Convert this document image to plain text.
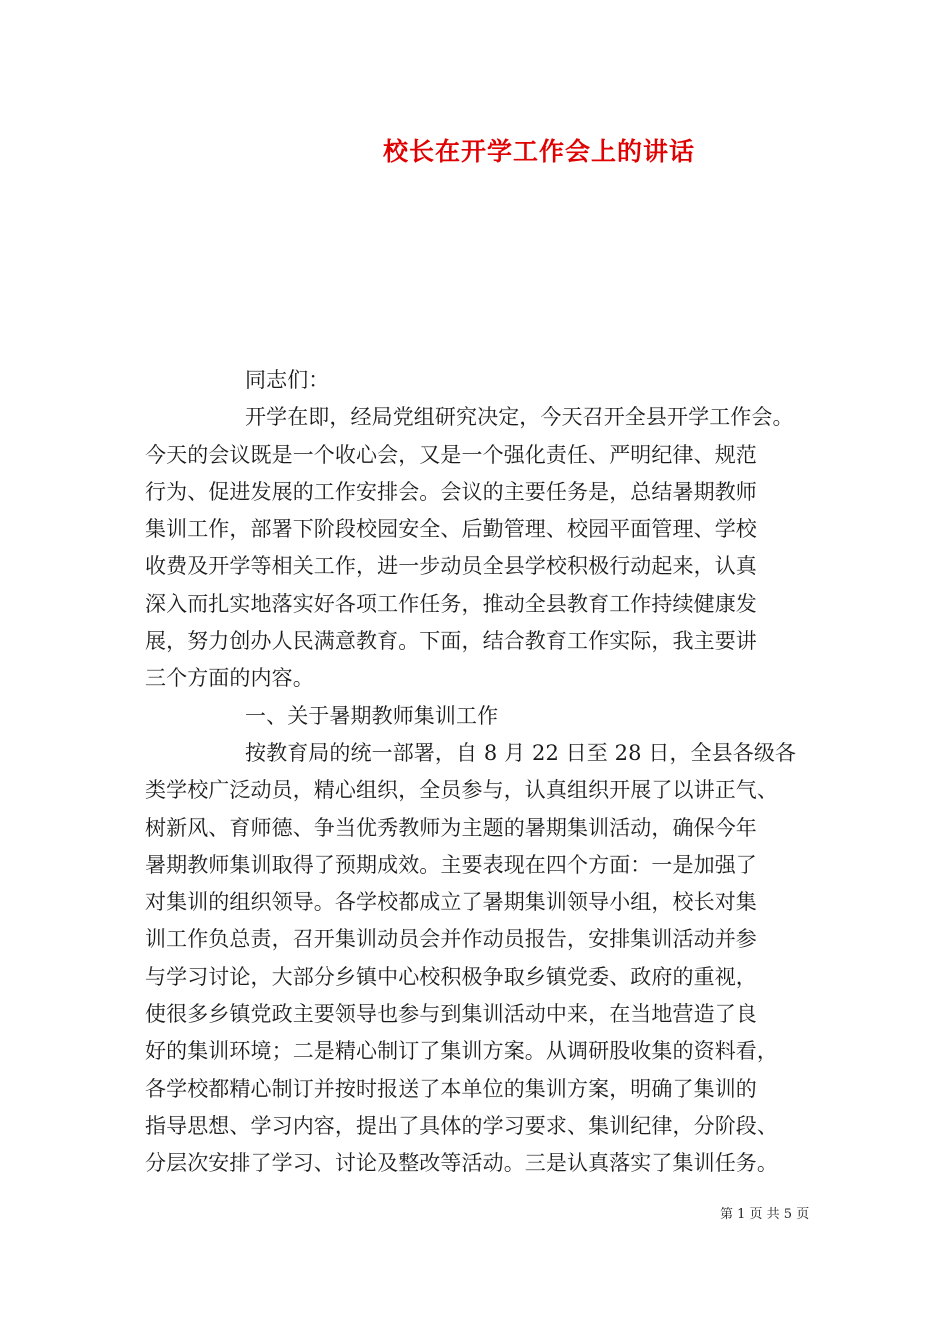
校长在开学工作会上的讲话

同志们：

开学在即，经局党组研究决定，今天召开全县开学工作会。

今天的会议既是一个收心会，又是一个强化责任、严明纪律、规范

行为、促进发展的工作安排会。会议的主要任务是，总结暑期教师

集训工作，部署下阶段校园安全、后勤管理、校园平面管理、学校

收费及开学等相关工作，进一步动员全县学校积极行动起来，认真

深入而扎实地落实好各项工作任务，推动全县教育工作持续健康发

展，努力创办人民满意教育。下面，结合教育工作实际，我主要讲

三个方面的内容。

一、关于暑期教师集训工作

按教育局的统一部署，自 8 月 22 日至 28 日，全县各级各

类学校广泛动员，精心组织，全员参与，认真组织开展了以讲正气、

树新风、育师德、争当优秀教师为主题的暑期集训活动，确保今年

暑期教师集训取得了预期成效。主要表现在四个方面：一是加强了

对集训的组织领导。各学校都成立了暑期集训领导小组，校长对集

训工作负总责，召开集训动员会并作动员报告，安排集训活动并参

与学习讨论，大部分乡镇中心校积极争取乡镇党委、政府的重视，

使很多乡镇党政主要领导也参与到集训活动中来，在当地营造了良

好的集训环境；二是精心制订了集训方案。从调研股收集的资料看，

各学校都精心制订并按时报送了本单位的集训方案，明确了集训的

指导思想、学习内容，提出了具体的学习要求、集训纪律，分阶段、

分层次安排了学习、讨论及整改等活动。三是认真落实了集训任务。

第 1 页 共 5 页
